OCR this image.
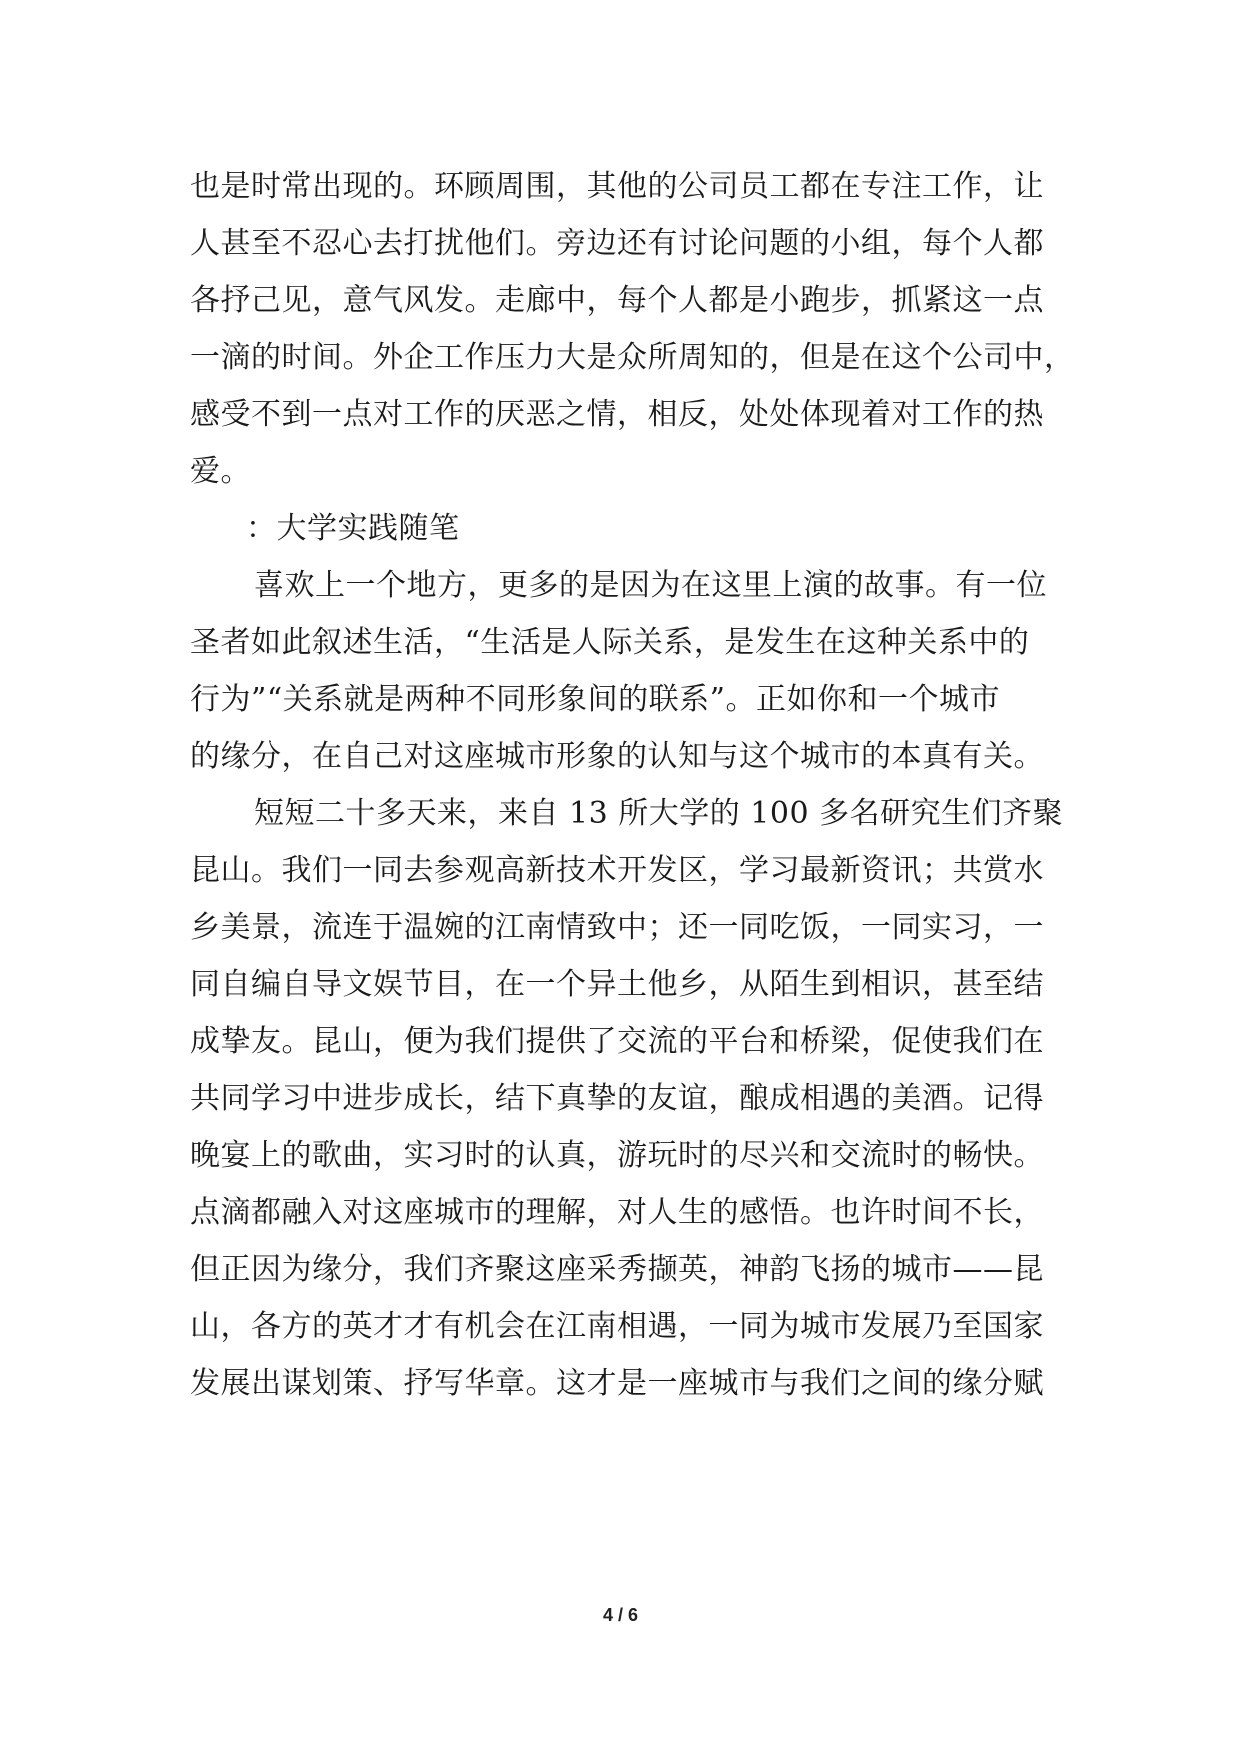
也是时常出现的。环顾周围，其他的公司员工都在专注工作，让
人甚至不忍心去打扰他们。旁边还有讨论问题的小组，每个人都
各抒己见，意气风发。走廊中，每个人都是小跑步，抓紧这一点
一滴的时间。外企工作压力大是众所周知的，但是在这个公司中，
感受不到一点对工作的厌恶之情，相反，处处体现着对工作的热
爱。
：大学实践随笔
喜欢上一个地方，更多的是因为在这里上演的故事。有一位
圣者如此叙述生活，“生活是人际关系，是发生在这种关系中的
行为”“关系就是两种不同形象间的联系”。正如你和一个城市
的缘分，在自己对这座城市形象的认知与这个城市的本真有关。
短短二十多天来，来自 13 所大学的 100 多名研究生们齐聚
昆山。我们一同去参观高新技术开发区，学习最新资讯；共赏水
乡美景，流连于温婉的江南情致中；还一同吃饭，一同实习，一
同自编自导文娱节目，在一个异土他乡，从陌生到相识，甚至结
成挚友。昆山，便为我们提供了交流的平台和桥梁，促使我们在
共同学习中进步成长，结下真挚的友谊，酿成相遇的美酒。记得
晚宴上的歌曲，实习时的认真，游玩时的尽兴和交流时的畅快。
点滴都融入对这座城市的理解，对人生的感悟。也许时间不长，
但正因为缘分，我们齐聚这座采秀撷英，神韵飞扬的城市——昆
山，各方的英才才有机会在江南相遇，一同为城市发展乃至国家
发展出谋划策、抒写华章。这才是一座城市与我们之间的缘分赋
4 / 6
